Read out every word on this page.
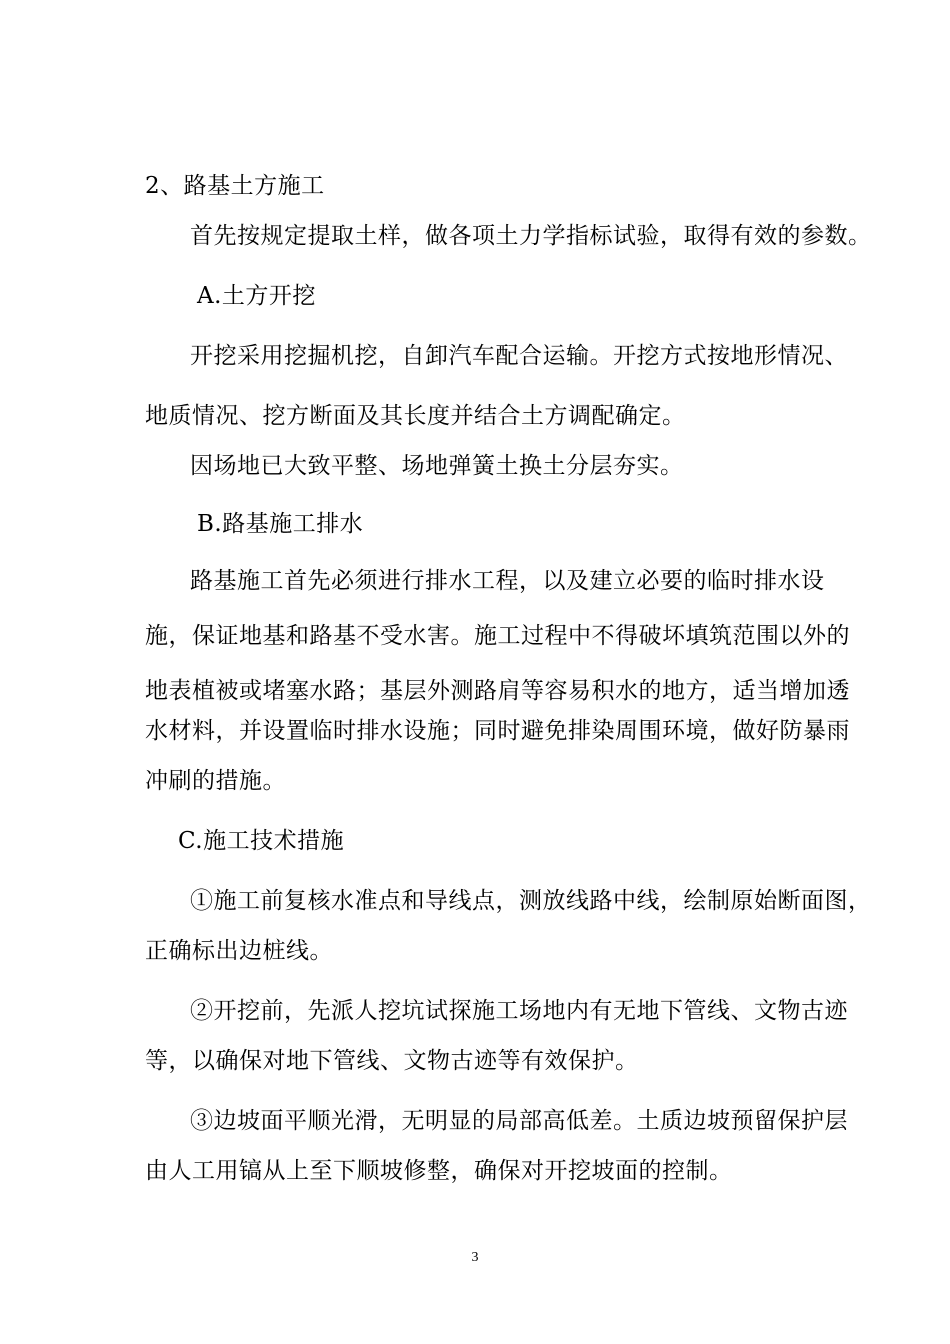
2、路基土方施工
首先按规定提取土样，做各项土力学指标试验，取得有效的参数。
A.土方开挖
开挖采用挖掘机挖，自卸汽车配合运输。开挖方式按地形情况、
地质情况、挖方断面及其长度并结合土方调配确定。
因场地已大致平整、场地弹簧土换土分层夯实。
B.路基施工排水
路基施工首先必须进行排水工程，以及建立必要的临时排水设
施，保证地基和路基不受水害。施工过程中不得破坏填筑范围以外的
地表植被或堵塞水路；基层外测路肩等容易积水的地方，适当增加透
水材料，并设置临时排水设施；同时避免排染周围环境，做好防暴雨
冲刷的措施。
C.施工技术措施
①施工前复核水准点和导线点，测放线路中线，绘制原始断面图，
正确标出边桩线。
②开挖前，先派人挖坑试探施工场地内有无地下管线、文物古迹
等，以确保对地下管线、文物古迹等有效保护。
③边坡面平顺光滑，无明显的局部高低差。土质边坡预留保护层
由人工用镐从上至下顺坡修整，确保对开挖坡面的控制。
3
